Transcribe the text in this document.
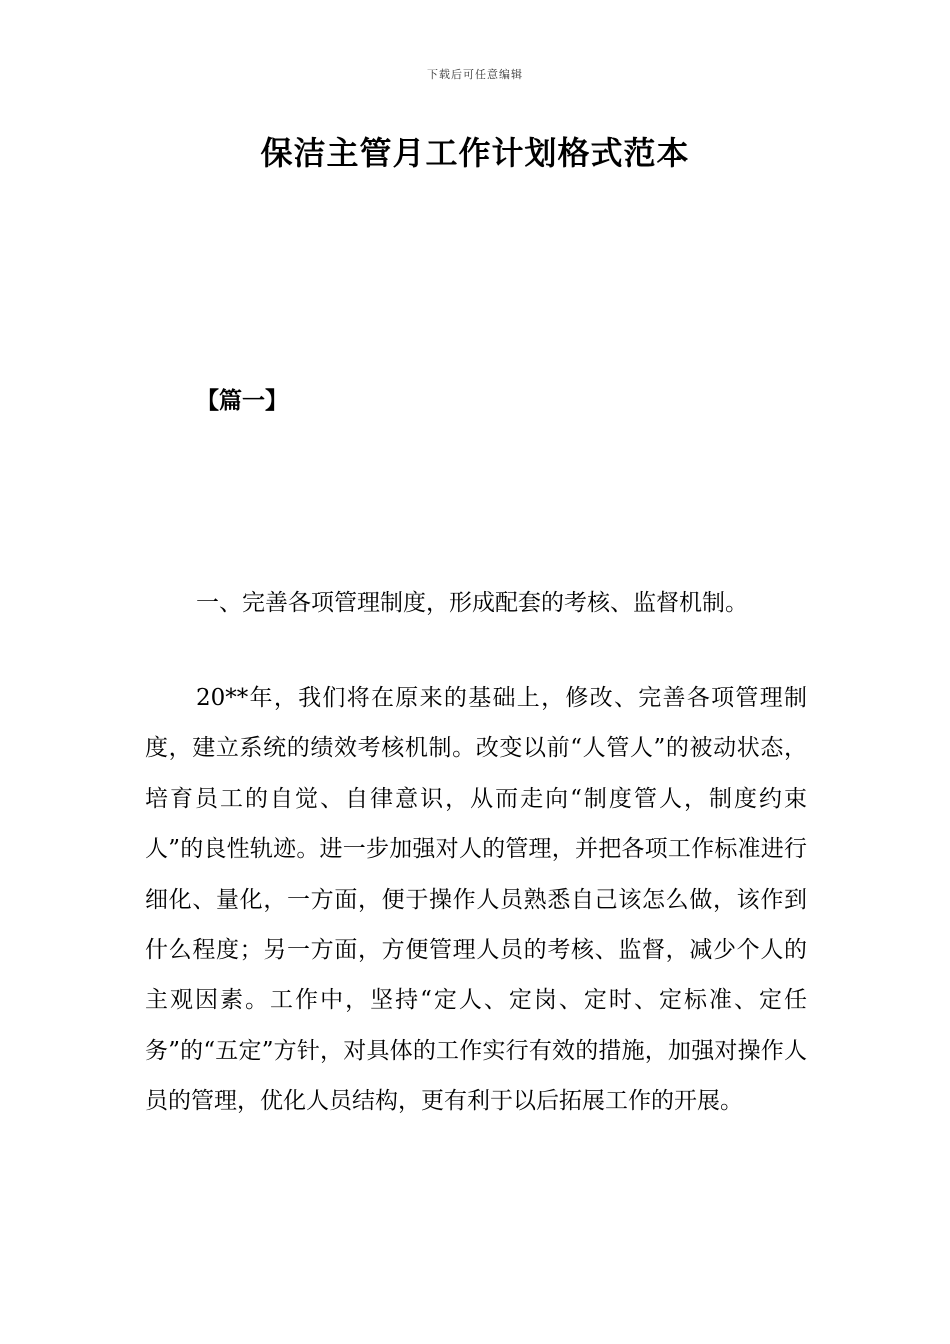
下载后可任意编辑
保洁主管月工作计划格式范本
【篇一】
一、完善各项管理制度，形成配套的考核、监督机制。

20**年，我们将在原来的基础上，修改、完善各项管理制度，建立系统的绩效考核机制。改变以前“人管人”的被动状态，培育员工的自觉、自律意识，从而走向“制度管人，制度约束人”的良性轨迹。进一步加强对人的管理，并把各项工作标准进行细化、量化，一方面，便于操作人员熟悉自己该怎么做，该作到什么程度；另一方面，方便管理人员的考核、监督，减少个人的主观因素。工作中，坚持“定人、定岗、定时、定标准、定任务”的“五定”方针，对具体的工作实行有效的措施，加强对操作人员的管理，优化人员结构，更有利于以后拓展工作的开展。
